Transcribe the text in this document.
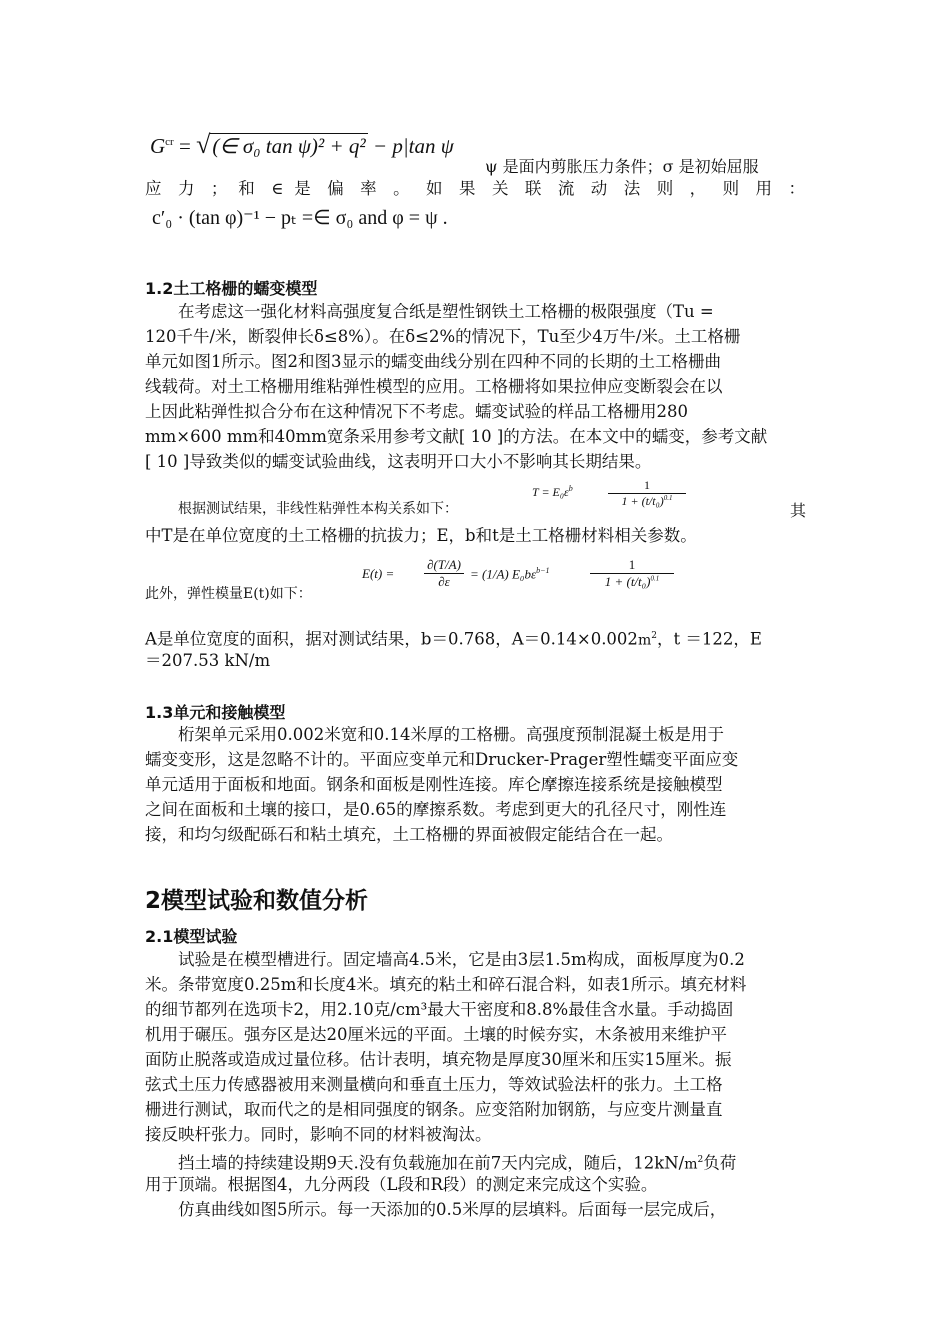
$G^{cr}$ = √(∈ σ₀ tan ψ)² + q² − p|tan ψ
ψ 是面内剪胀压力条件；σ 是初始屈服
应 力 ； 和 ∈ 是 偏 率 。 如 果 关 联 流 动 法 则 ， 则 用 ：
c′₀ · (tan φ)⁻¹ − pₜ =∈ σ₀ and φ = ψ .
1.2土工格栅的蠕变模型
在考虑这一强化材料高强度复合纸是塑性钢铁土工格栅的极限强度（Tu =
120千牛/米，断裂伸长δ≤8%）。在δ≤2%的情况下，Tu至少4万牛/米。土工格栅
单元如图1所示。图2和图3显示的蠕变曲线分别在四种不同的长期的土工格栅曲
线载荷。对土工格栅用维粘弹性模型的应用。工格栅将如果拉伸应变断裂会在以
上因此粘弹性拟合分布在这种情况下不考虑。蠕变试验的样品工格栅用280
mm×600 mm和40mm宽条采用参考文献[ 10 ]的方法。在本文中的蠕变，参考文献
[ 10 ]导致类似的蠕变试验曲线，这表明开口大小不影响其长期结果。
根据测试结果，非线性粘弹性本构关系如下：
$T = E_0\varepsilon^b$	1
$1 + (t/t_0)^{0.1}$
其
中T是在单位宽度的土工格栅的抗拔力；E，b和t是土工格栅材料相关参数。
$E(t) = \frac{\partial(T/A)}{\partial\varepsilon} = (1/A)$ $E_0b\varepsilon^{b-1}$	1
$1 + (t/t_0)^{0.1}$
此外，弹性模量E(t)如下：
A是单位宽度的面积，据对测试结果，b＝0.768，$A=0.14\times 0.002m^2$，t ＝122，E
＝207.53 kN/m
1.3单元和接触模型
桁架单元采用0.002米宽和0.14米厚的工格栅。高强度预制混凝土板是用于
蠕变变形，这是忽略不计的。平面应变单元和Drucker-Prager塑性蠕变平面应变
单元适用于面板和地面。钢条和面板是刚性连接。库仑摩擦连接系统是接触模型
之间在面板和土壤的接口，是0.65的摩擦系数。考虑到更大的孔径尺寸，刚性连
接，和均匀级配砾石和粘土填充，土工格栅的界面被假定能结合在一起。
2模型试验和数值分析
2.1模型试验
试验是在模型槽进行。固定墙高4.5米，它是由3层1.5m构成，面板厚度为0.2
米。条带宽度0.25m和长度4米。填充的粘土和碎石混合料，如表1所示。填充材料
的细节都列在选项卡2，用2.10克/cm³最大干密度和8.8%最佳含水量。手动捣固
机用于碾压。强夯区是达20厘米远的平面。土壤的时候夯实，木条被用来维护平
面防止脱落或造成过量位移。估计表明，填充物是厚度30厘米和压实15厘米。振
弦式土压力传感器被用来测量横向和垂直土压力，等效试验法杆的张力。土工格
栅进行测试，取而代之的是相同强度的钢条。应变箔附加钢筋，与应变片测量直
接反映杆张力。同时，影响不同的材料被淘汰。
挡土墙的持续建设期9天.没有负载施加在前7天内完成，随后，$12kN/m^2$负荷
用于顶端。根据图4，九分两段（L段和R段）的测定来完成这个实验。
仿真曲线如图5所示。每一天添加的0.5米厚的层填料。后面每一层完成后，
